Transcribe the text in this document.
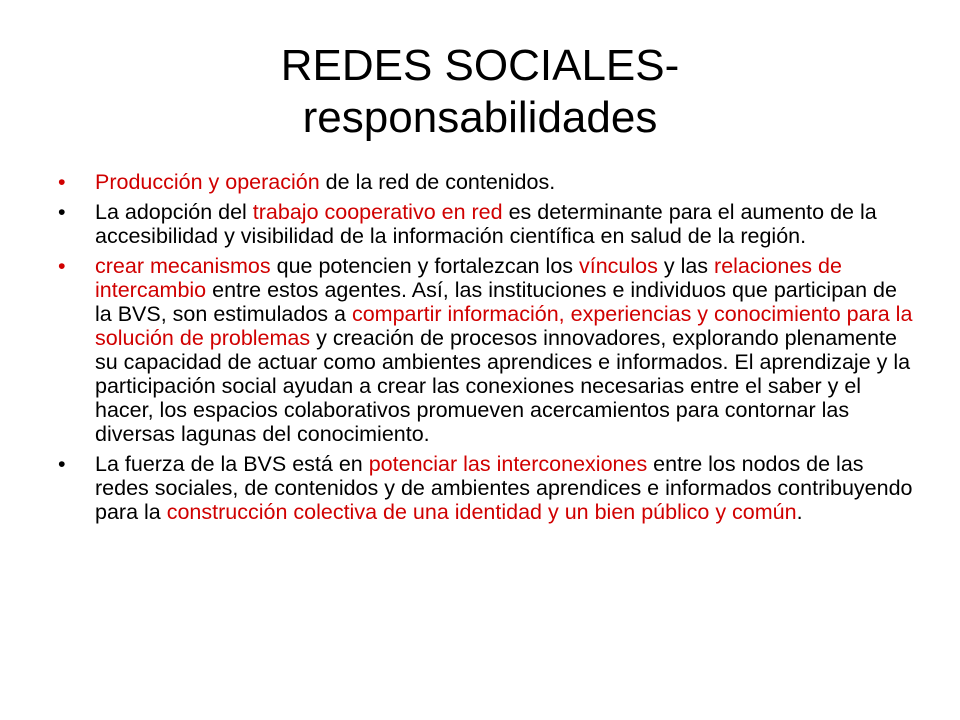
REDES SOCIALES-
responsabilidades
•	Producción y operación de la red de contenidos.
•	La adopción del trabajo cooperativo en red es determinante para el aumento de la accesibilidad y visibilidad de la información científica en salud de la región.
•	crear mecanismos que potencien y fortalezcan los vínculos y las relaciones de intercambio entre estos agentes. Así, las instituciones e individuos que participan de la BVS, son estimulados a compartir información, experiencias y conocimiento para la solución de problemas y creación de procesos innovadores, explorando plenamente su capacidad de actuar como ambientes aprendices e informados. El aprendizaje y la participación social ayudan a crear las conexiones necesarias entre el saber y el hacer, los espacios colaborativos promueven acercamientos para contornar las diversas lagunas del conocimiento.
•	La fuerza de la BVS está en potenciar las interconexiones entre los nodos de las redes sociales, de contenidos y de ambientes aprendices e informados contribuyendo para la construcción colectiva de una identidad y un bien público y común.
